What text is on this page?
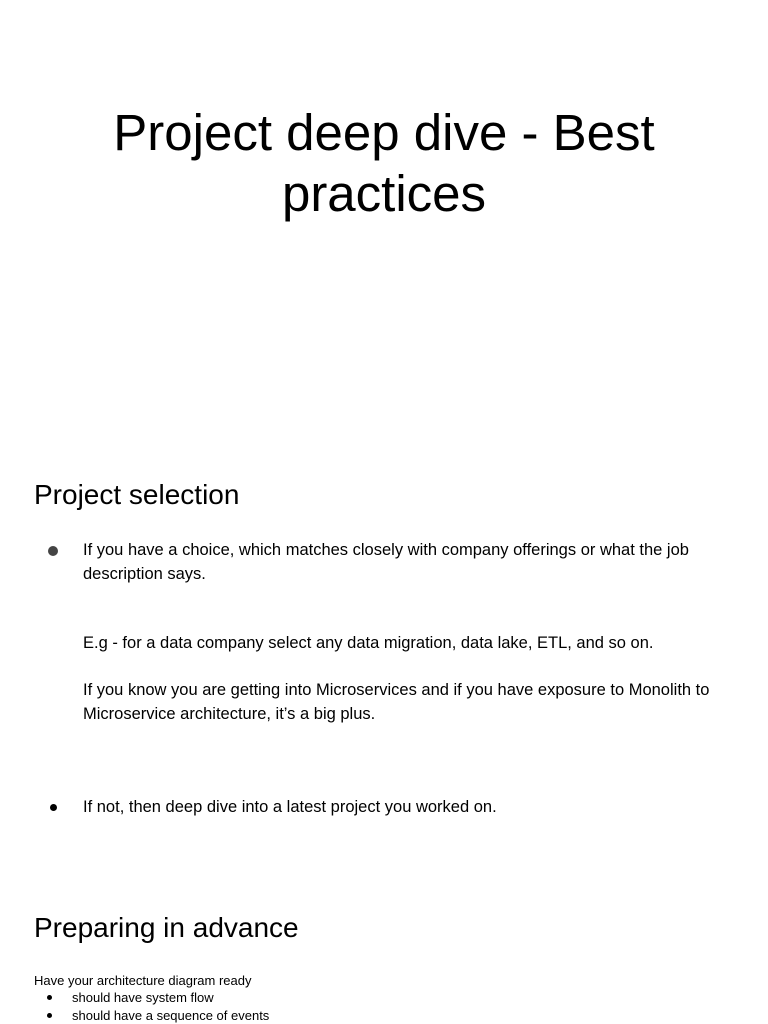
Project deep dive - Best practices
Project selection

If you have a choice, which matches closely with company offerings or what the job description says.

E.g - for a data company select any data migration, data lake, ETL, and so on.

If you know you are getting into Microservices and if you have exposure to Monolith to Microservice architecture, it’s a big plus.

If not, then deep dive into a latest project you worked on.

Preparing in advance

Have your architecture diagram ready

should have system flow

should have a sequence of events
